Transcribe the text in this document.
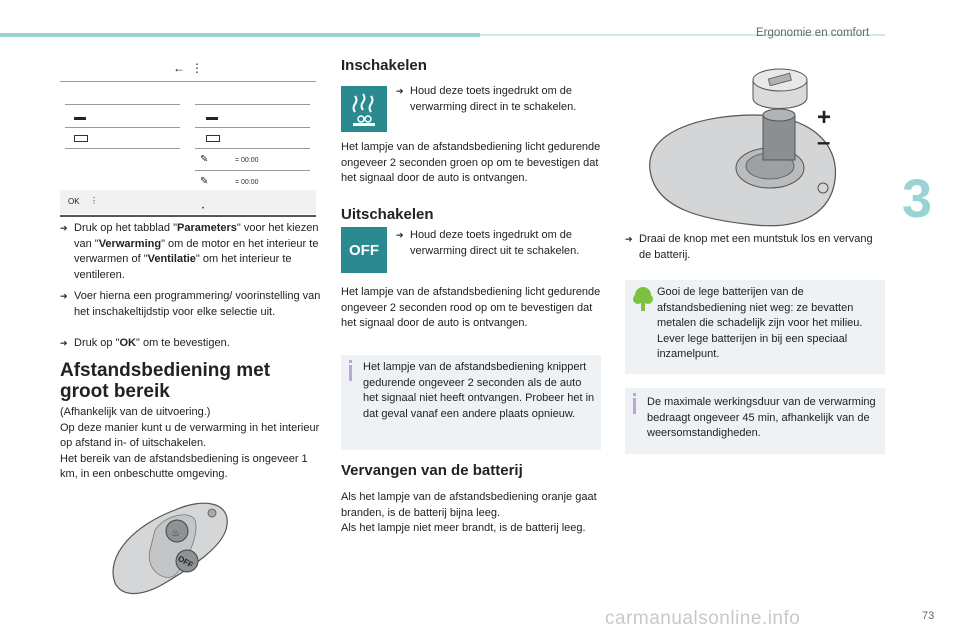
Ergonomie en comfort
3
73
carmanualsonline.info
← ⋮
✎	= 00:00
✎	= 00:00
OK ⋮
•
➔ Druk op het tabblad "Parameters" voor het kiezen van "Verwarming" om de motor en het interieur te verwarmen of "Ventilatie" om het interieur te ventileren.
➔ Voer hierna een programmering/ voorinstelling van het inschakeltijdstip voor elke selectie uit.
➔ Druk op "OK" om te bevestigen.
Afstandsbediening met
groot bereik

(Afhankelijk van de uitvoering.)

Op deze manier kunt u de verwarming in het interieur op afstand in- of uitschakelen.

Het bereik van de afstandsbediening is ongeveer 1 km, in een onbeschutte omgeving.

♨
OFF
Inschakelen
➔ Houd deze toets ingedrukt om de verwarming direct in te schakelen.
Het lampje van de afstandsbediening licht gedurende ongeveer 2 seconden groen op om te bevestigen dat het signaal door de auto is ontvangen.
Uitschakelen
OFF
➔ Houd deze toets ingedrukt om de verwarming direct uit te schakelen.
Het lampje van de afstandsbediening licht gedurende ongeveer 2 seconden rood op om te bevestigen dat het signaal door de auto is ontvangen.
Het lampje van de afstandsbediening knippert gedurende ongeveer 2 seconden als de auto het signaal niet heeft ontvangen. Probeer het in dat geval vanaf een andere plaats opnieuw.
Vervangen van de batterij

Als het lampje van de afstandsbediening oranje gaat branden, is de batterij bijna leeg.

Als het lampje niet meer brandt, is de batterij leeg.

+
–
➔ Draai de knop met een muntstuk los en vervang de batterij.
Gooi de lege batterijen van de afstandsbediening niet weg: ze bevatten metalen die schadelijk zijn voor het milieu. Lever lege batterijen in bij een speciaal inzamelpunt.
De maximale werkingsduur van de verwarming bedraagt ongeveer 45 min, afhankelijk van de weersomstandigheden.
